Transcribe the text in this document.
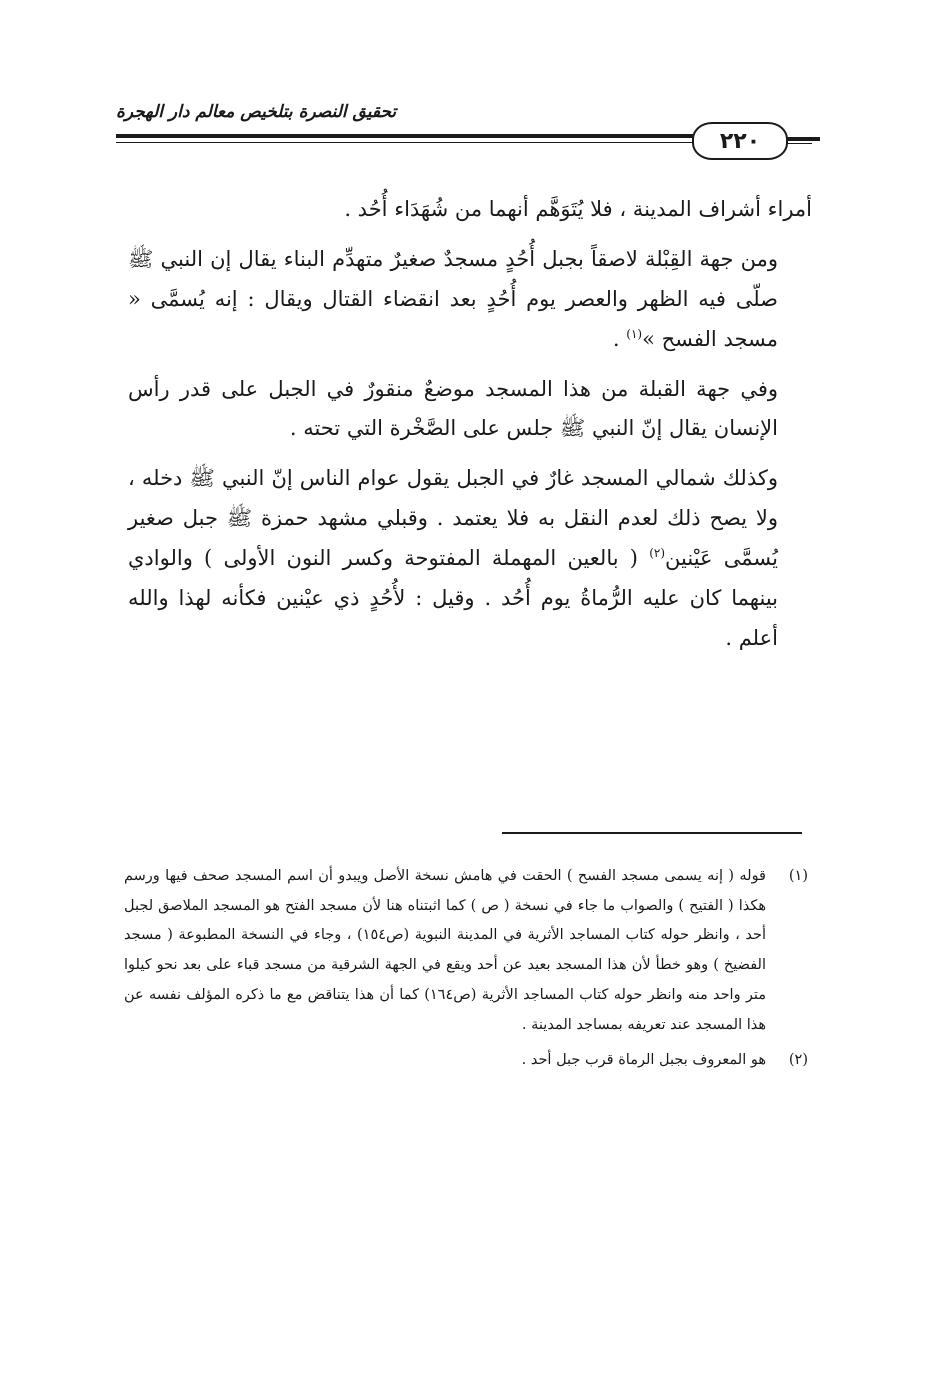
تحقيق النصرة بتلخيص معالم دار الهجرة
٢٢٠

أمراء أشراف المدينة ، فلا يُتَوَهَّم أنهما من شُهَدَاء أُحُد .

ومن جهة القِبْلة لاصقاً بجبل أُحُدٍ مسجدٌ صغيرٌ متهدِّم البناء يقال إن النبي ﷺ صلّى فيه الظهر والعصر يوم أُحُدٍ بعد انقضاء القتال ويقال : إنه يُسمَّى « مسجد الفسح »$^{(١)}$ .

وفي جهة القبلة من هذا المسجد موضعٌ منقورٌ في الجبل على قدر رأس الإنسان يقال إنّ النبي ﷺ جلس على الصَّخْرة التي تحته .

وكذلك شمالي المسجد غارٌ في الجبل يقول عوام الناس إنّ النبي ﷺ دخله ، ولا يصح ذلك لعدم النقل به فلا يعتمد . وقبلي مشهد حمزة ﷺ جبل صغير يُسمَّى عَيْنين$^{(٢)}$ ( بالعين المهملة المفتوحة وكسر النون الأولى ) والوادي بينهما كان عليه الرُّماةُ يوم أُحُد . وقيل : لأُحُدٍ ذي عيْنين فكأنه لهذا والله أعلم .

(١)
قوله ( إنه يسمى مسجد الفسح ) الحقت في هامش نسخة الأصل ويبدو أن اسم المسجد صحف فيها ورسم هكذا ( الفتيح ) والصواب ما جاء في نسخة ( ص ) كما اثبتناه هنا لأن مسجد الفتح هو المسجد الملاصق لجبل أحد ، وانظر حوله كتاب المساجد الأثرية في المدينة النبوية (ص١٥٤) ، وجاء في النسخة المطبوعة ( مسجد الفضيخ ) وهو خطأ لأن هذا المسجد بعيد عن أحد ويقع في الجهة الشرقية من مسجد قباء على بعد نحو كيلوا متر واحد منه وانظر حوله كتاب المساجد الأثرية (ص١٦٤) كما أن هذا يتناقض مع ما ذكره المؤلف نفسه عن هذا المسجد عند تعريفه بمساجد المدينة .
(٢)
هو المعروف بجبل الرماة قرب جبل أحد .
